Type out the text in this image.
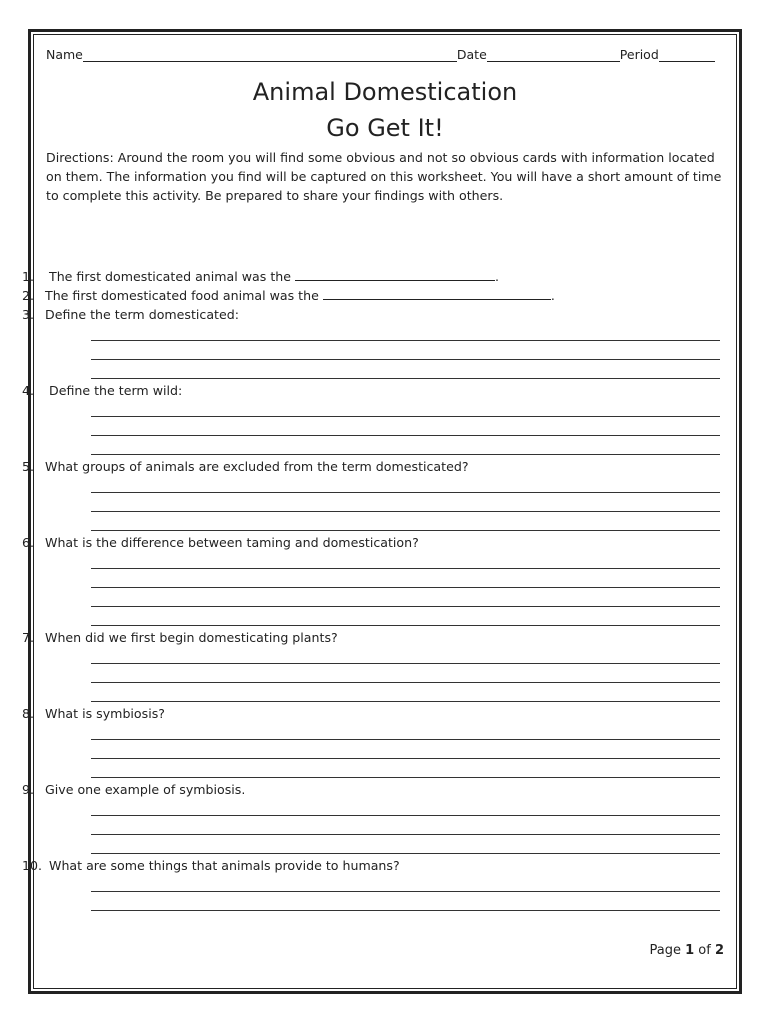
Name	Date	Period
Animal Domestication
Go Get It!
Directions: Around the room you will find some obvious and not so obvious cards with information located on them. The information you find will be captured on this worksheet. You will have a short amount of time to complete this activity. Be prepared to share your findings with others.
1.	The first domesticated animal was the	.
2. The first domesticated food animal was the	.
3. Define the term domesticated:
4.	Define the term wild:
5. What groups of animals are excluded from the term domesticated?
6. What is the difference between taming and domestication?
7. When did we first begin domesticating plants?
8. What is symbiosis?
9. Give one example of symbiosis.
10. What are some things that animals provide to humans?
Page 1 of 2
